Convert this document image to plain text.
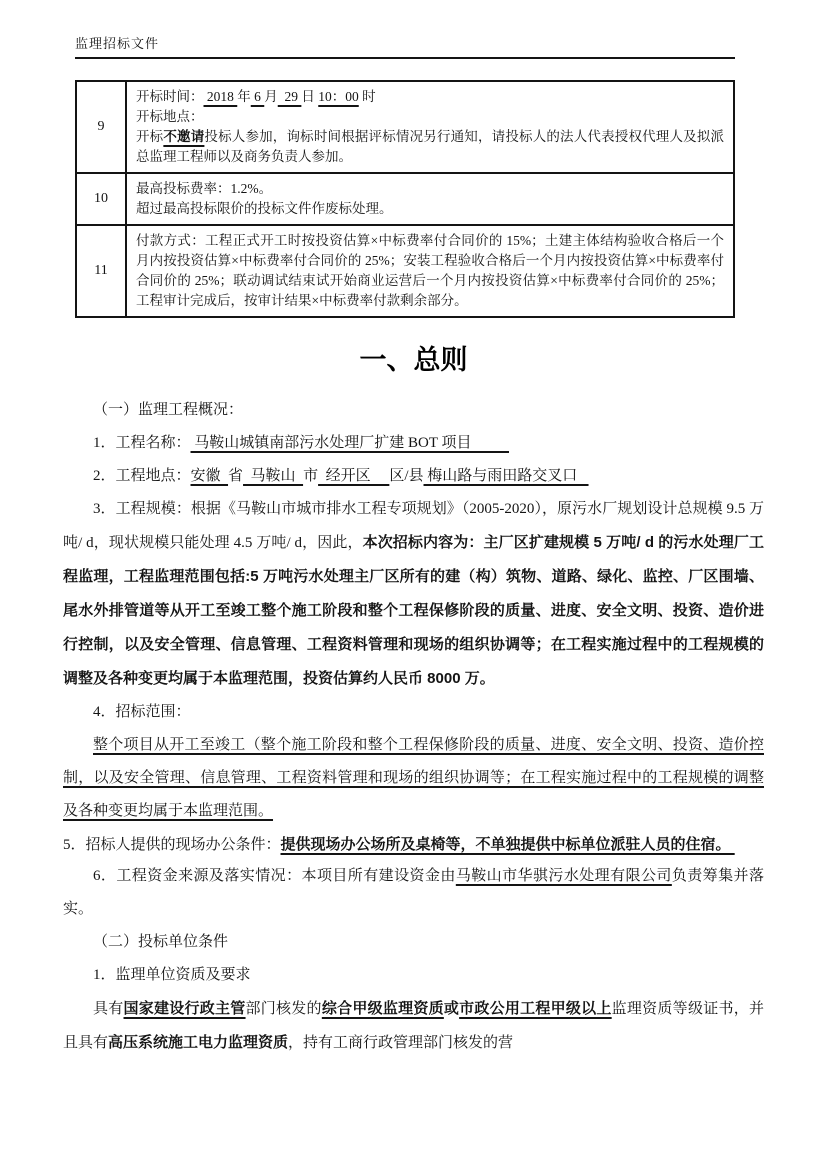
监理招标文件
9	开标时间： 2018 年 6 月  29 日 10：00 时
开标地点：
开标不邀请投标人参加，询标时间根据评标情况另行通知，请投标人的法人代表授权代理人及拟派总监理工程师以及商务负责人参加。

10	最高投标费率：1.2%。
超过最高投标限价的投标文件作废标处理。

11	付款方式：工程正式开工时按投资估算×中标费率付合同价的 15%；土建主体结构验收合格后一个月内按投资估算×中标费率付合同价的 25%；安装工程验收合格后一个月内按投资估算×中标费率付合同价的 25%；联动调试结束试开始商业运营后一个月内按投资估算×中标费率付合同价的 25%；工程审计完成后，按审计结果×中标费率付款剩余部分。
一、总则

（一）监理工程概况：

1．工程名称： 马鞍山城镇南部污水处理厂扩建 BOT 项目

2．工程地点：安徽  省  马鞍山  市  经开区     区/县 梅山路与雨田路交叉口

3．工程规模：根据《马鞍山市城市排水工程专项规划》（2005-2020），原污水厂规划设计总规模 9.5 万吨/ d，现状规模只能处理 4.5 万吨/ d，因此，本次招标内容为：主厂区扩建规模 5 万吨/ d 的污水处理厂工程监理，工程监理范围包括:5 万吨污水处理主厂区所有的建（构）筑物、道路、绿化、监控、厂区围墙、尾水外排管道等从开工至竣工整个施工阶段和整个工程保修阶段的质量、进度、安全文明、投资、造价进行控制，以及安全管理、信息管理、工程资料管理和现场的组织协调等；在工程实施过程中的工程规模的调整及各种变更均属于本监理范围，投资估算约人民币 8000 万。

4．招标范围：

整个项目从开工至竣工（整个施工阶段和整个工程保修阶段的质量、进度、安全文明、投资、造价控制，以及安全管理、信息管理、工程资料管理和现场的组织协调等；在工程实施过程中的工程规模的调整及各种变更均属于本监理范围。

5．招标人提供的现场办公条件：提供现场办公场所及桌椅等，不单独提供中标单位派驻人员的住宿。

6．工程资金来源及落实情况：本项目所有建设资金由马鞍山市华骐污水处理有限公司负责筹集并落实。

（二）投标单位条件

1．监理单位资质及要求

具有国家建设行政主管部门核发的综合甲级监理资质或市政公用工程甲级以上监理资质等级证书，并且具有高压系统施工电力监理资质，持有工商行政管理部门核发的营
